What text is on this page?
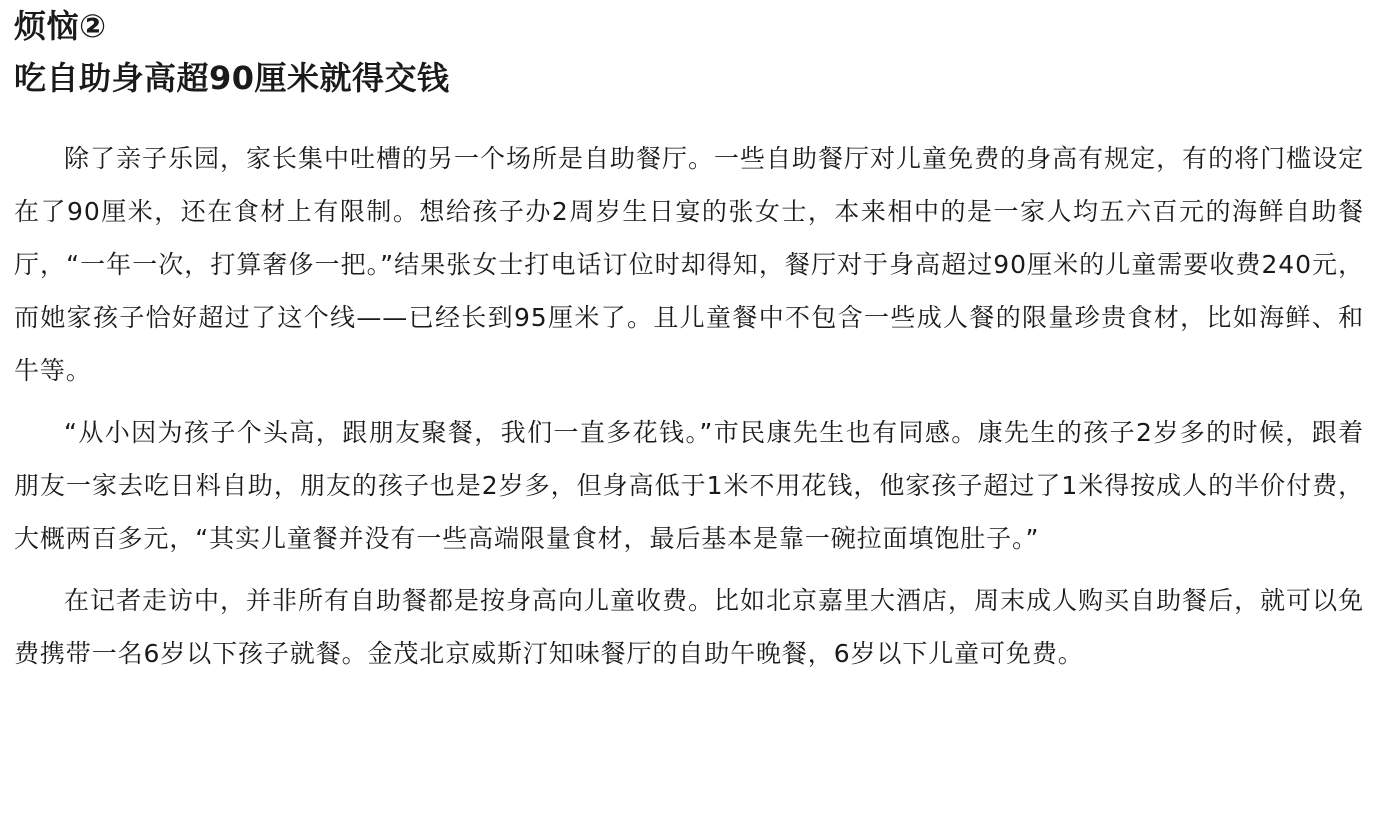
烦恼②
吃自助身高超90厘米就得交钱

除了亲子乐园，家长集中吐槽的另一个场所是自助餐厅。一些自助餐厅对儿童免费的身高有规定，有的将门槛设定在了90厘米，还在食材上有限制。想给孩子办2周岁生日宴的张女士，本来相中的是一家人均五六百元的海鲜自助餐厅，“一年一次，打算奢侈一把。”结果张女士打电话订位时却得知，餐厅对于身高超过90厘米的儿童需要收费240元，而她家孩子恰好超过了这个线——已经长到95厘米了。且儿童餐中不包含一些成人餐的限量珍贵食材，比如海鲜、和牛等。

“从小因为孩子个头高，跟朋友聚餐，我们一直多花钱。”市民康先生也有同感。康先生的孩子2岁多的时候，跟着朋友一家去吃日料自助，朋友的孩子也是2岁多，但身高低于1米不用花钱，他家孩子超过了1米得按成人的半价付费，大概两百多元，“其实儿童餐并没有一些高端限量食材，最后基本是靠一碗拉面填饱肚子。”

在记者走访中，并非所有自助餐都是按身高向儿童收费。比如北京嘉里大酒店，周末成人购买自助餐后，就可以免费携带一名6岁以下孩子就餐。金茂北京威斯汀知味餐厅的自助午晚餐，6岁以下儿童可免费。
